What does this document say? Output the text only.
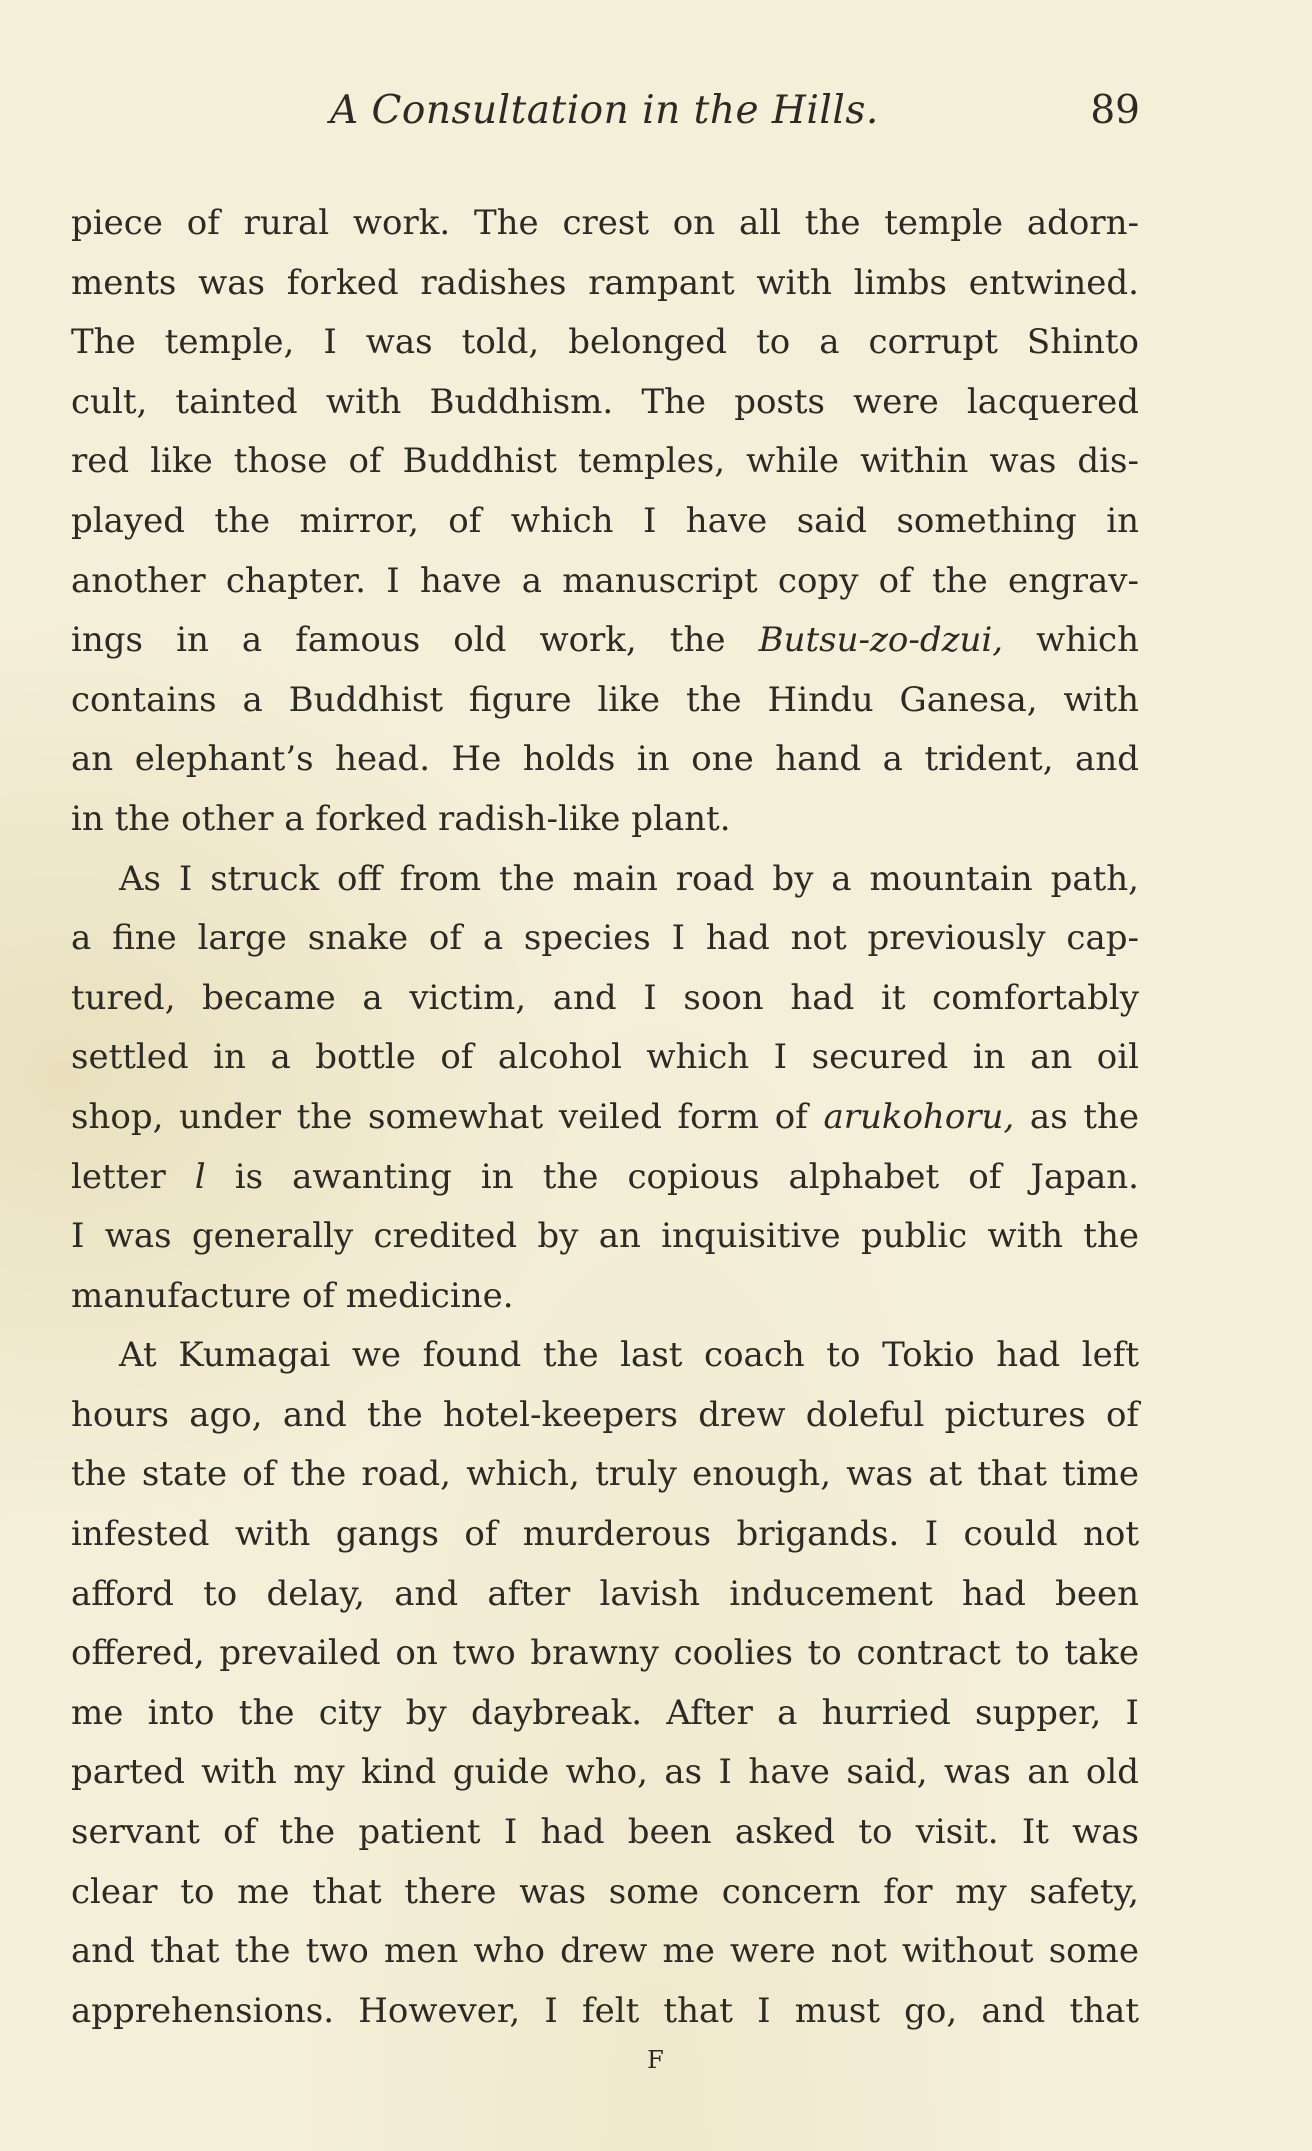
A Consultation in the Hills.	89
piece of rural work. The crest on all the temple adorn-
ments was forked radishes rampant with limbs entwined.
The temple, I was told, belonged to a corrupt Shinto
cult, tainted with Buddhism. The posts were lacquered
red like those of Buddhist temples, while within was dis-
played the mirror, of which I have said something in
another chapter. I have a manuscript copy of the engrav-
ings in a famous old work, the Butsu-zo-dzui, which
contains a Buddhist figure like the Hindu Ganesa, with
an elephant’s head. He holds in one hand a trident, and
in the other a forked radish-like plant.
As I struck off from the main road by a mountain path,
a fine large snake of a species I had not previously cap-
tured, became a victim, and I soon had it comfortably
settled in a bottle of alcohol which I secured in an oil
shop, under the somewhat veiled form of arukohoru, as the
letter l is awanting in the copious alphabet of Japan.
I was generally credited by an inquisitive public with the
manufacture of medicine.
At Kumagai we found the last coach to Tokio had left
hours ago, and the hotel-keepers drew doleful pictures of
the state of the road, which, truly enough, was at that time
infested with gangs of murderous brigands. I could not
afford to delay, and after lavish inducement had been
offered, prevailed on two brawny coolies to contract to take
me into the city by daybreak. After a hurried supper, I
parted with my kind guide who, as I have said, was an old
servant of the patient I had been asked to visit. It was
clear to me that there was some concern for my safety,
and that the two men who drew me were not without some
apprehensions. However, I felt that I must go, and that
F
